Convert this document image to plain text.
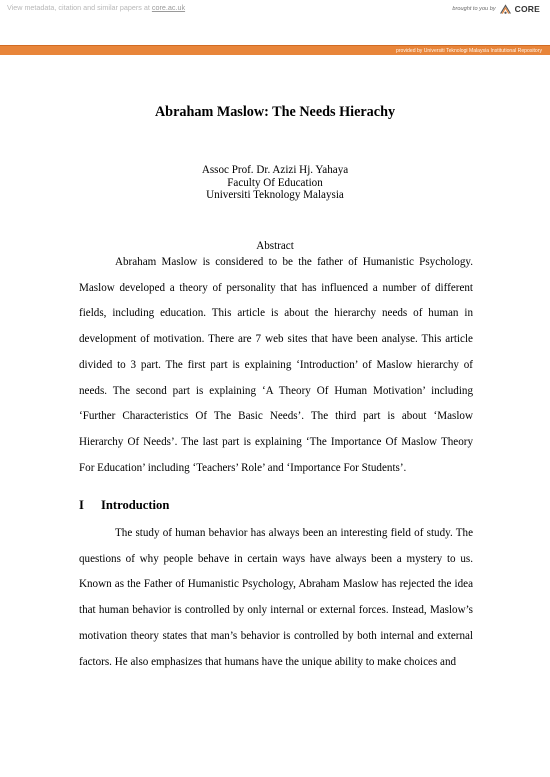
View metadata, citation and similar papers at core.ac.uk	brought to you by CORE
provided by Universiti Teknologi Malaysia Institutional Repository
Abraham Maslow: The Needs Hierachy
Assoc Prof. Dr. Azizi Hj. Yahaya
Faculty Of Education
Universiti Teknology Malaysia
Abstract

Abraham Maslow is considered to be the father of Humanistic Psychology. Maslow developed a theory of personality that has influenced a number of different fields, including education. This article is about the hierarchy needs of human in development of motivation. There are 7 web sites that have been analyse. This article divided to 3 part. The first part is explaining ‘Introduction’ of Maslow hierarchy of needs. The second part is explaining ‘A Theory Of Human Motivation’ including ‘Further Characteristics Of The Basic Needs’. The third part is about ‘Maslow Hierarchy Of Needs’. The last part is explaining ‘The Importance Of Maslow Theory For Education’ including ‘Teachers’ Role’ and ‘Importance For Students’.

I Introduction

The study of human behavior has always been an interesting field of study. The questions of why people behave in certain ways have always been a mystery to us. Known as the Father of Humanistic Psychology, Abraham Maslow has rejected the idea that human behavior is controlled by only internal or external forces. Instead, Maslow’s motivation theory states that man’s behavior is controlled by both internal and external factors. He also emphasizes that humans have the unique ability to make choices and
